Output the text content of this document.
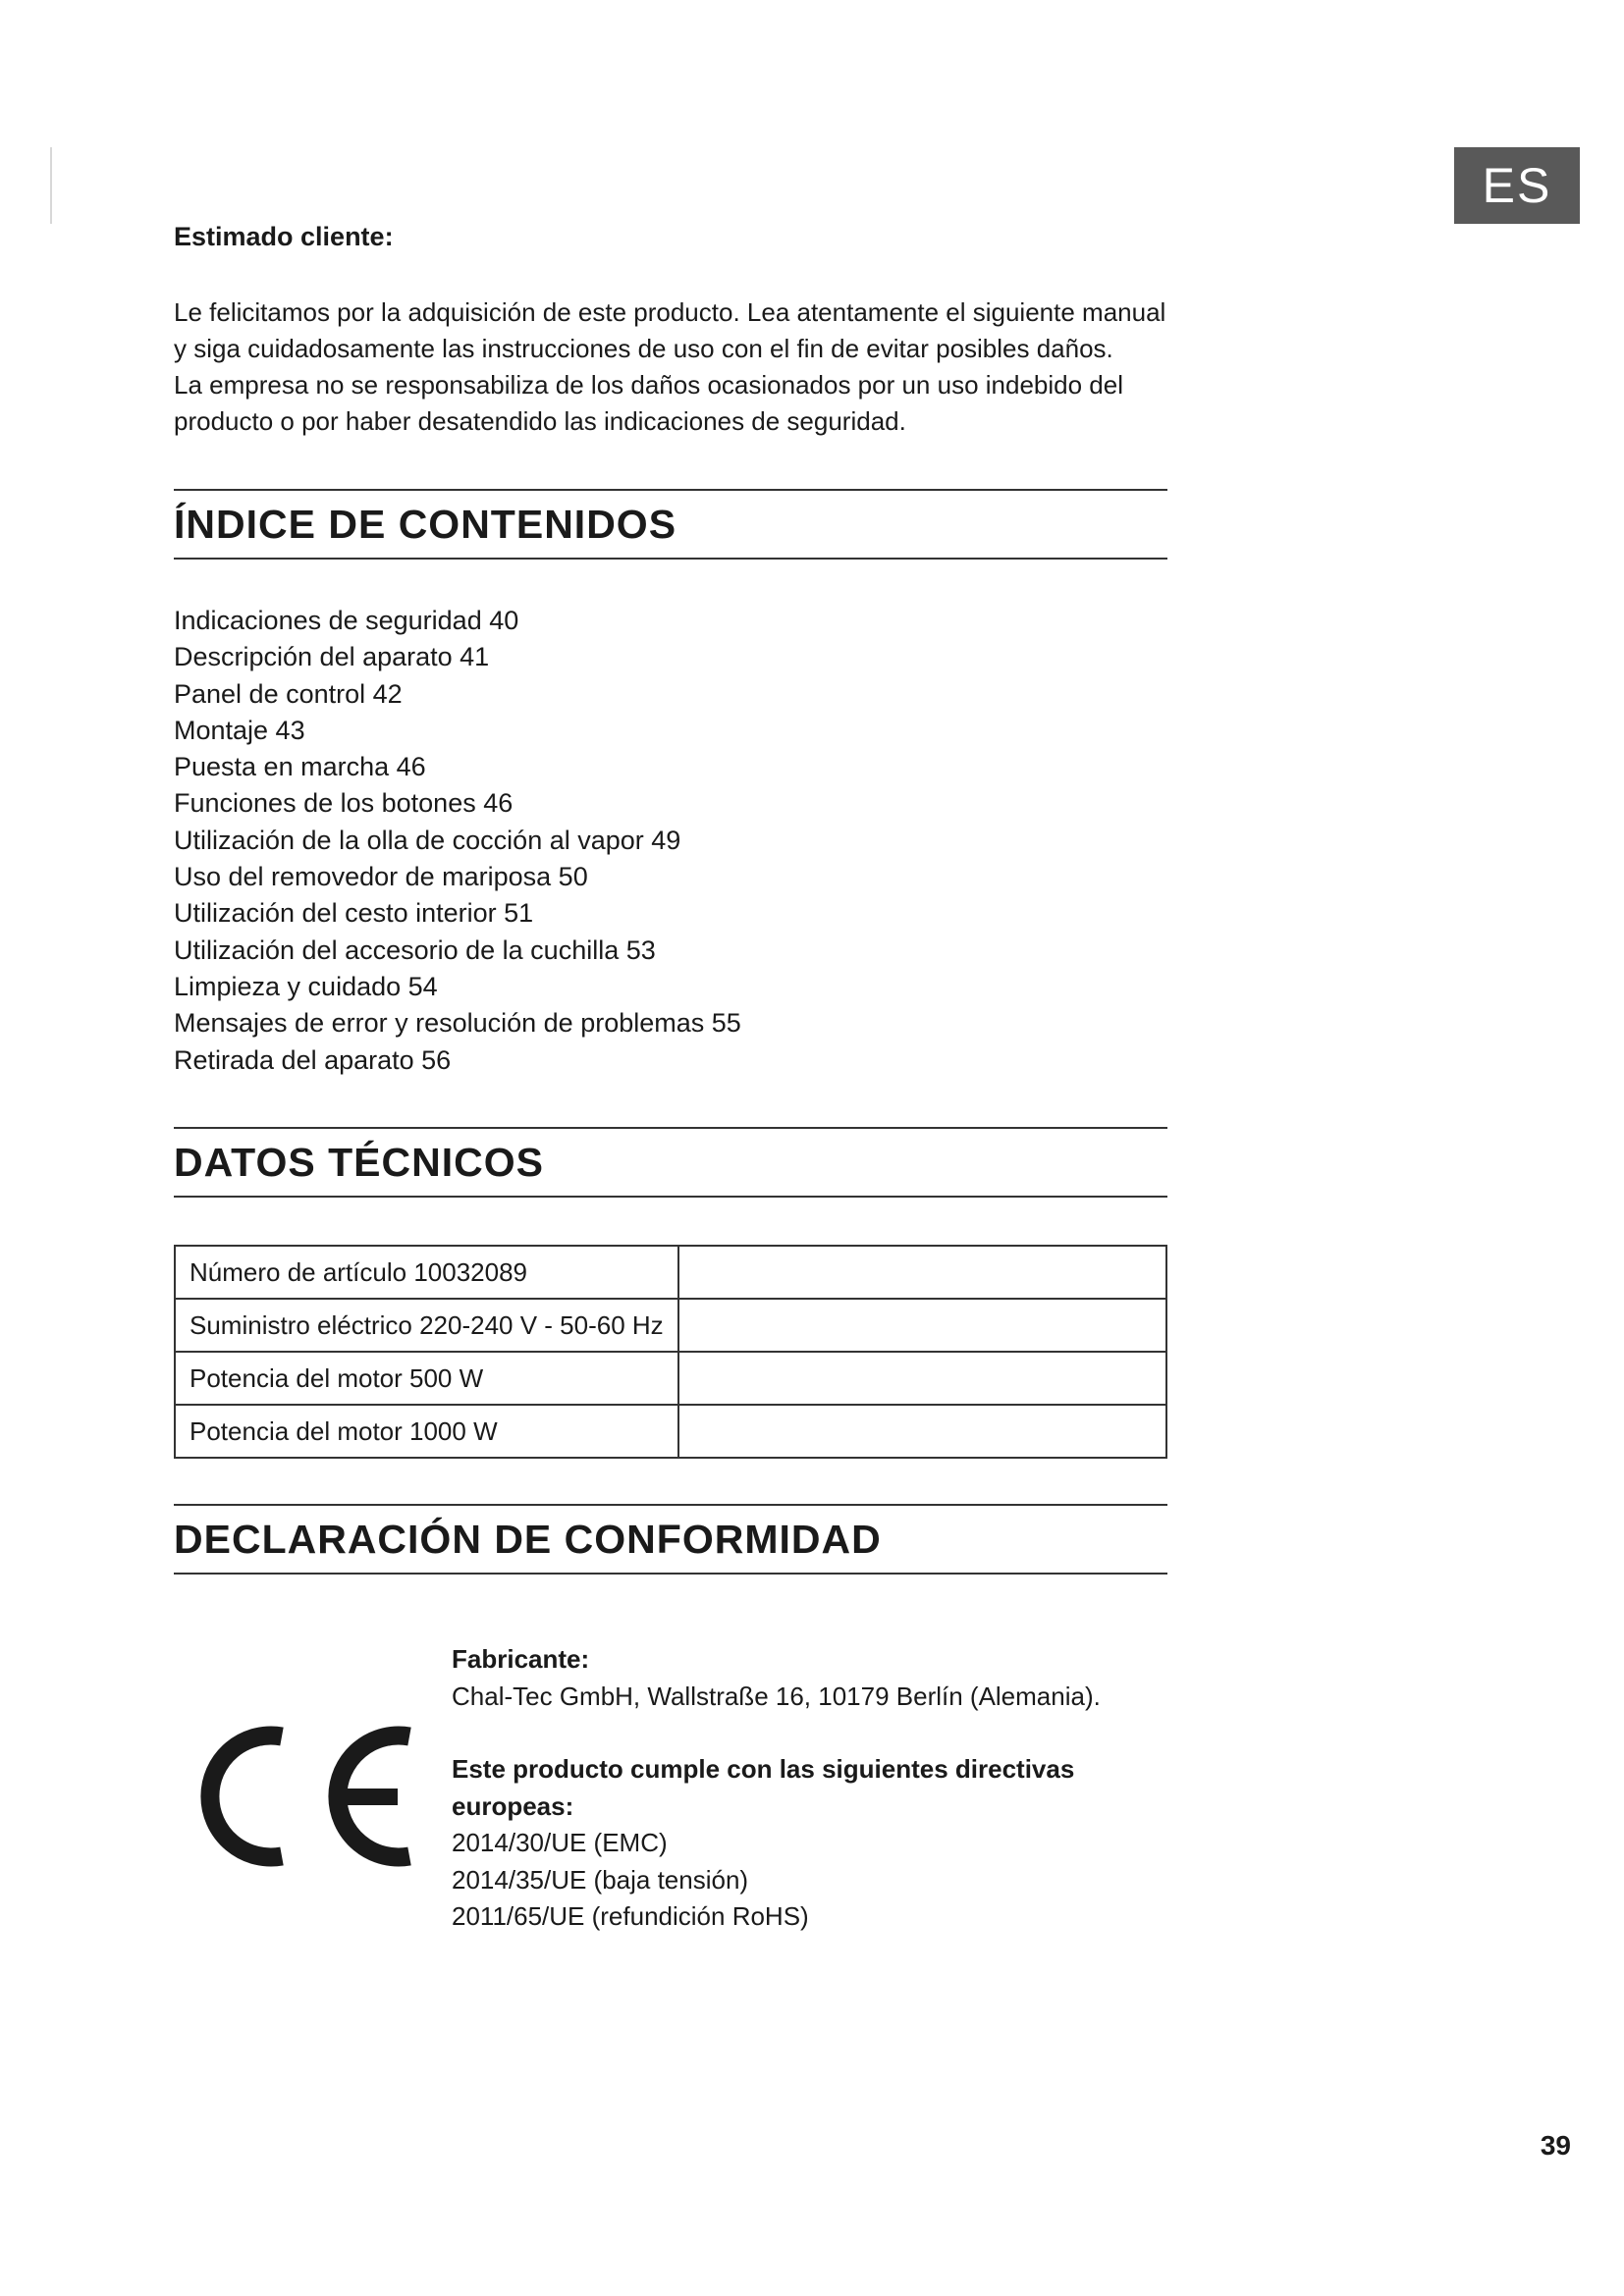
ES
Estimado cliente:

Le felicitamos por la adquisición de este producto. Lea atentamente el siguiente manual

y siga cuidadosamente las instrucciones de uso con el fin de evitar posibles daños.

La empresa no se responsabiliza de los daños ocasionados por un uso indebido del

producto o por haber desatendido las indicaciones de seguridad.

ÍNDICE DE CONTENIDOS
Indicaciones de seguridad 40
Descripción del aparato 41
Panel de control 42
Montaje 43
Puesta en marcha 46
Funciones de los botones 46
Utilización de la olla de cocción al vapor 49
Uso del removedor de mariposa 50
Utilización del cesto interior 51
Utilización del accesorio de la cuchilla 53
Limpieza y cuidado 54
Mensajes de error y resolución de problemas 55
Retirada del aparato 56
DATOS TÉCNICOS
Número de artículo 10032089	
Suministro eléctrico 220-240 V - 50-60 Hz	
Potencia del motor 500 W	
Potencia del motor 1000 W	
DECLARACIÓN DE CONFORMIDAD

Fabricante:

Chal-Tec GmbH, Wallstraße 16, 10179 Berlín (Alemania).

Este producto cumple con las siguientes directivas

europeas:

2014/30/UE (EMC)

2014/35/UE (baja tensión)

2011/65/UE (refundición RoHS)

39
